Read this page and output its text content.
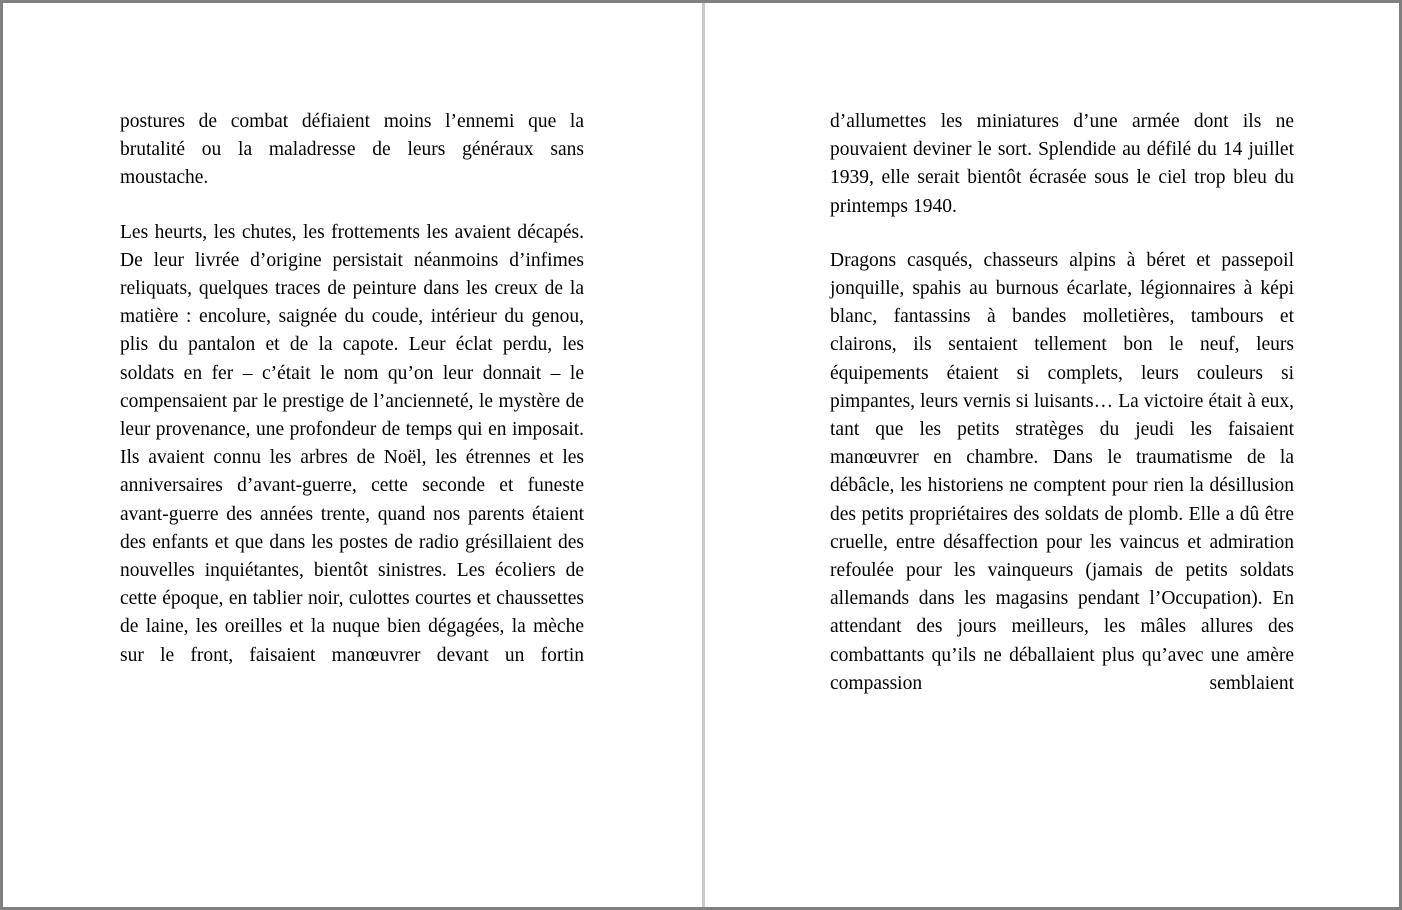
postures de combat défiaient moins l’ennemi que la brutalité ou la maladresse de leurs généraux sans moustache.

Les heurts, les chutes, les frottements les avaient décapés. De leur livrée d’origine persistait néanmoins d’infimes reliquats, quelques traces de peinture dans les creux de la matière : encolure, saignée du coude, intérieur du genou, plis du pantalon et de la capote. Leur éclat perdu, les soldats en fer – c’était le nom qu’on leur donnait – le compensaient par le prestige de l’ancienneté, le mystère de leur provenance, une profondeur de temps qui en imposait. Ils avaient connu les arbres de Noël, les étrennes et les anniversaires d’avant-guerre, cette seconde et funeste avant-guerre des années trente, quand nos parents étaient des enfants et que dans les postes de radio grésillaient des nouvelles inquiétantes, bientôt sinistres. Les écoliers de cette époque, en tablier noir, culottes courtes et chaussettes de laine, les oreilles et la nuque bien dégagées, la mèche sur le front, faisaient manœuvrer devant un fortin

d’allumettes les miniatures d’une armée dont ils ne pouvaient deviner le sort. Splendide au défilé du 14 juillet 1939, elle serait bientôt écrasée sous le ciel trop bleu du printemps 1940.

Dragons casqués, chasseurs alpins à béret et passepoil jonquille, spahis au burnous écarlate, légionnaires à képi blanc, fantassins à bandes molletières, tambours et clairons, ils sentaient tellement bon le neuf, leurs équipements étaient si complets, leurs couleurs si pimpantes, leurs vernis si luisants… La victoire était à eux, tant que les petits stratèges du jeudi les faisaient manœuvrer en chambre. Dans le traumatisme de la débâcle, les historiens ne comptent pour rien la désillusion des petits propriétaires des soldats de plomb. Elle a dû être cruelle, entre désaffection pour les vaincus et admiration refoulée pour les vainqueurs (jamais de petits soldats allemands dans les magasins pendant l’Occupation). En attendant des jours meilleurs, les mâles allures des combattants qu’ils ne déballaient plus qu’avec une amère compassion semblaient
